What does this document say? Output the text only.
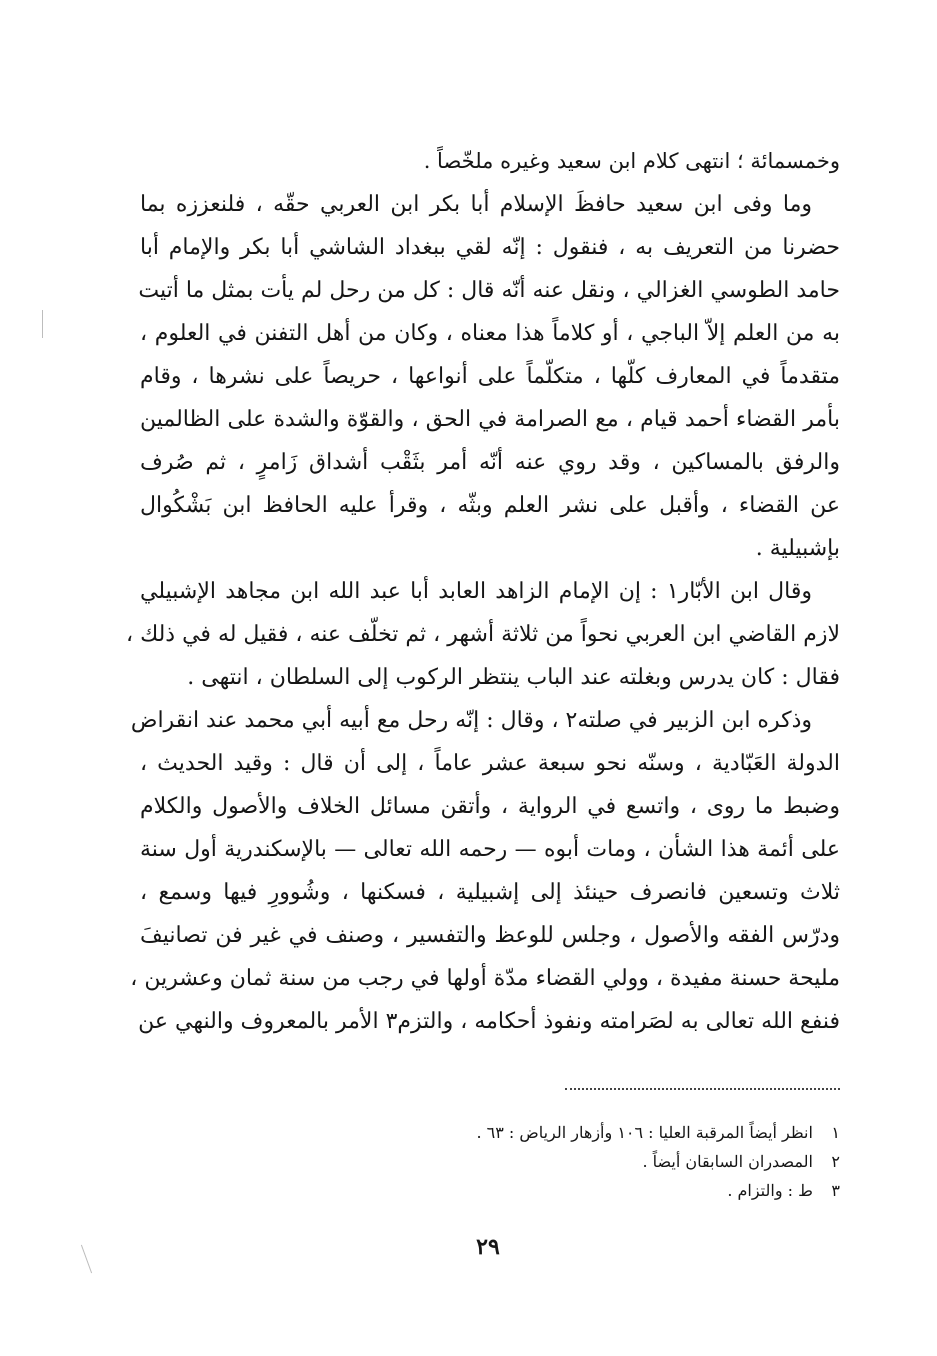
وخمسمائة ؛ انتهى كلام ابن سعيد وغيره ملخّصاً .
وما وفى ابن سعيد حافظَ الإسلام أبا بكر ابن العربي حقّه ، فلنعززه بما
حضرنا من التعريف به ، فنقول : إنّه لقي ببغداد الشاشي أبا بكر والإمام أبا
حامد الطوسي الغزالي ، ونقل عنه أنّه قال : كل من رحل لم يأت بمثل ما أتيت
به من العلم إلاّ الباجي ، أو كلاماً هذا معناه ، وكان من أهل التفنن في العلوم ،
متقدماً في المعارف كلّها ، متكلّماً على أنواعها ، حريصاً على نشرها ، وقام
بأمر القضاء أحمد قيام ، مع الصرامة في الحق ، والقوّة والشدة على الظالمين
والرفق بالمساكين ، وقد روي عنه أنّه أمر بثَقْب أشداق زَامرٍ ، ثم صُرف
عن القضاء ، وأقبل على نشر العلم وبثّه ، وقرأ عليه الحافظ ابن بَشْكُوال
بإشبيلية .
وقال ابن الأبّار١ : إن الإمام الزاهد العابد أبا عبد الله ابن مجاهد الإشبيلي
لازم القاضي ابن العربي نحواً من ثلاثة أشهر ، ثم تخلّف عنه ، فقيل له في ذلك ،
فقال : كان يدرس وبغلته عند الباب ينتظر الركوب إلى السلطان ، انتهى .
وذكره ابن الزبير في صلته٢ ، وقال : إنّه رحل مع أبيه أبي محمد عند انقراض
الدولة العَبّادية ، وسنّه نحو سبعة عشر عاماً ، إلى أن قال : وقيد الحديث ،
وضبط ما روى ، واتسع في الرواية ، وأتقن مسائل الخلاف والأصول والكلام
على أئمة هذا الشأن ، ومات أبوه — رحمه الله تعالى — بالإسكندرية أول سنة
ثلاث وتسعين فانصرف حينئذ إلى إشبيلية ، فسكنها ، وشُوورِ فيها وسمع ،
ودرّس الفقه والأصول ، وجلس للوعظ والتفسير ، وصنف في غير فن تصانيفَ
مليحة حسنة مفيدة ، وولي القضاء مدّة أولها في رجب من سنة ثمان وعشرين ،
فنفع الله تعالى به لصَرامته ونفوذ أحكامه ، والتزم٣ الأمر بالمعروف والنهي عن
١ انظر أيضاً المرقبة العليا : ١٠٦ وأزهار الرياض : ٦٣ .
٢ المصدران السابقان أيضاً .
٣ ط : والتزام .
٢٩
